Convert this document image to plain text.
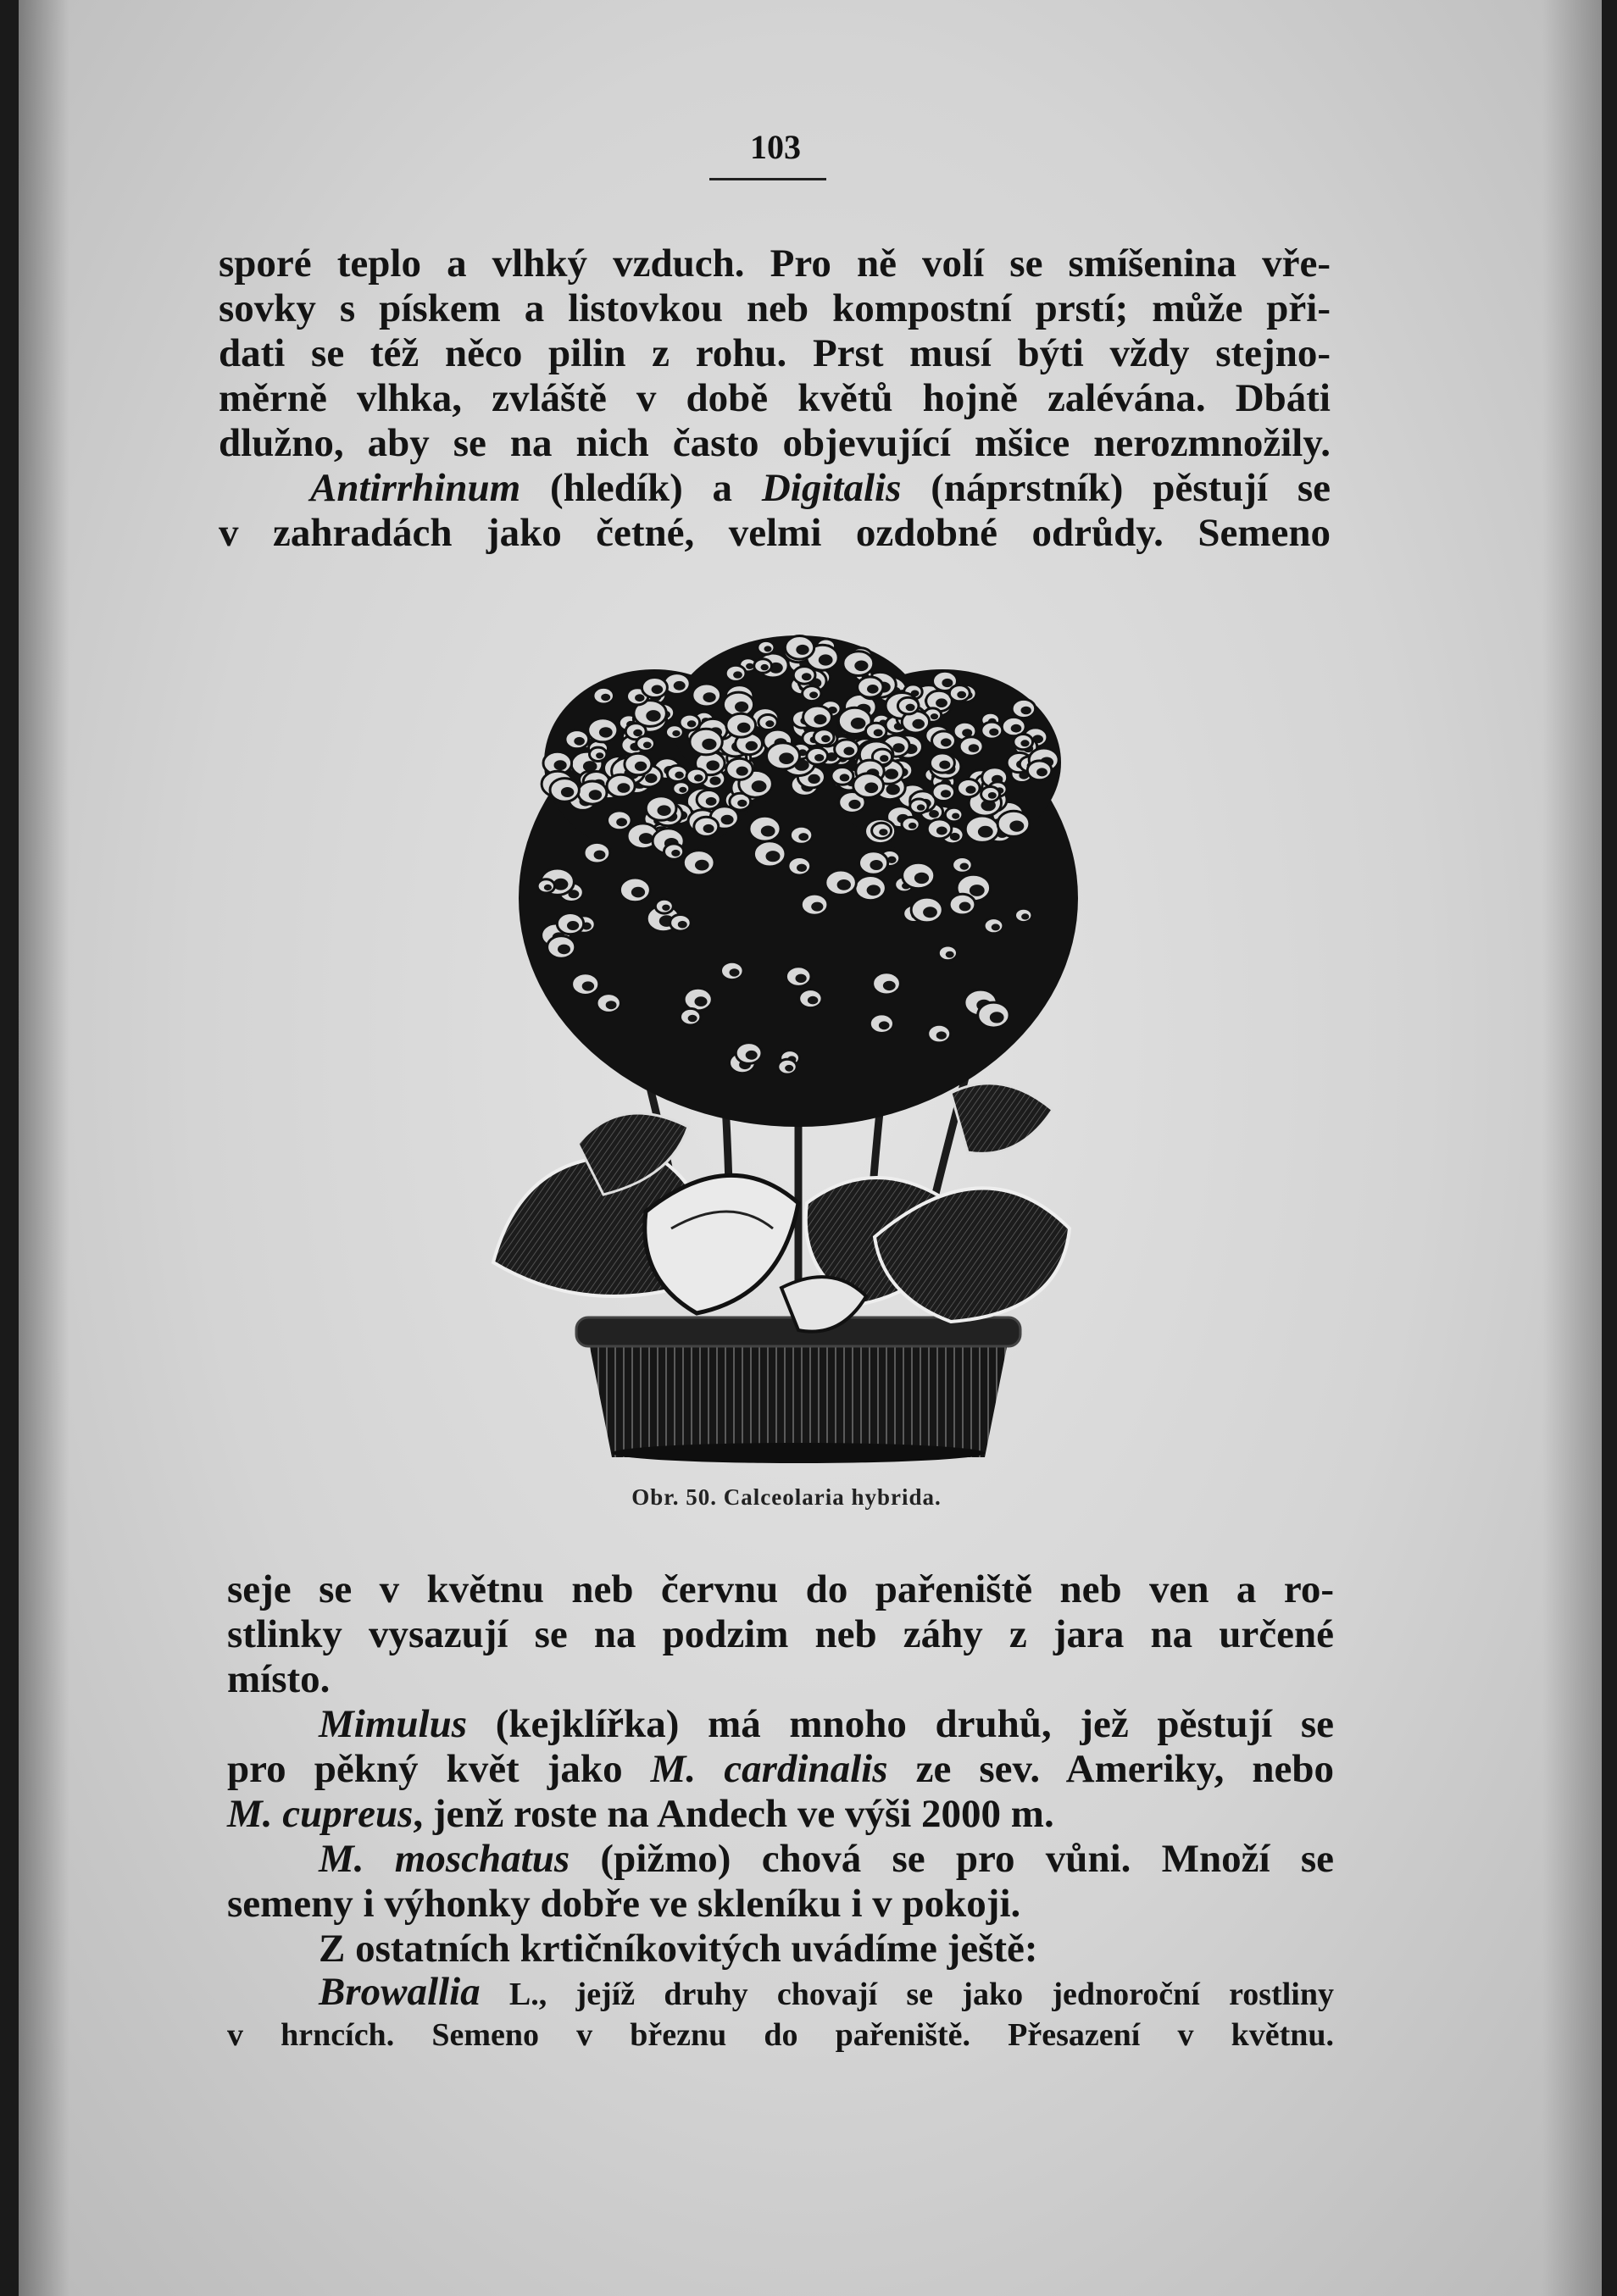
103
sporé teplo a vlhký vzduch. Pro ně volí se smíšenina vře-
sovky s pískem a listovkou neb kompostní prstí; může při-
dati se též něco pilin z rohu. Prst musí býti vždy stejno-
měrně vlhka, zvláště v době květů hojně zalévána. Dbáti
dlužno, aby se na nich často objevující mšice nerozmnožily.
Antirrhinum (hledík) a Digitalis (náprstník) pěstují se
v zahradách jako četné, velmi ozdobné odrůdy. Semeno
Obr. 50. Calceolaria hybrida.
seje se v květnu neb červnu do pařeniště neb ven a ro-
stlinky vysazují se na podzim neb záhy z jara na určené
místo.
Mimulus (kejklířka) má mnoho druhů, jež pěstují se
pro pěkný květ jako M. cardinalis ze sev. Ameriky, nebo
M. cupreus, jenž roste na Andech ve výši 2000 m.
M. moschatus (pižmo) chová se pro vůni. Množí se
semeny i výhonky dobře ve skleníku i v pokoji.
Z ostatních krtičníkovitých uvádíme ještě:
Browallia L., jejíž druhy chovají se jako jednoroční rostliny
v hrncích. Semeno v březnu do pařeniště. Přesazení v květnu.
